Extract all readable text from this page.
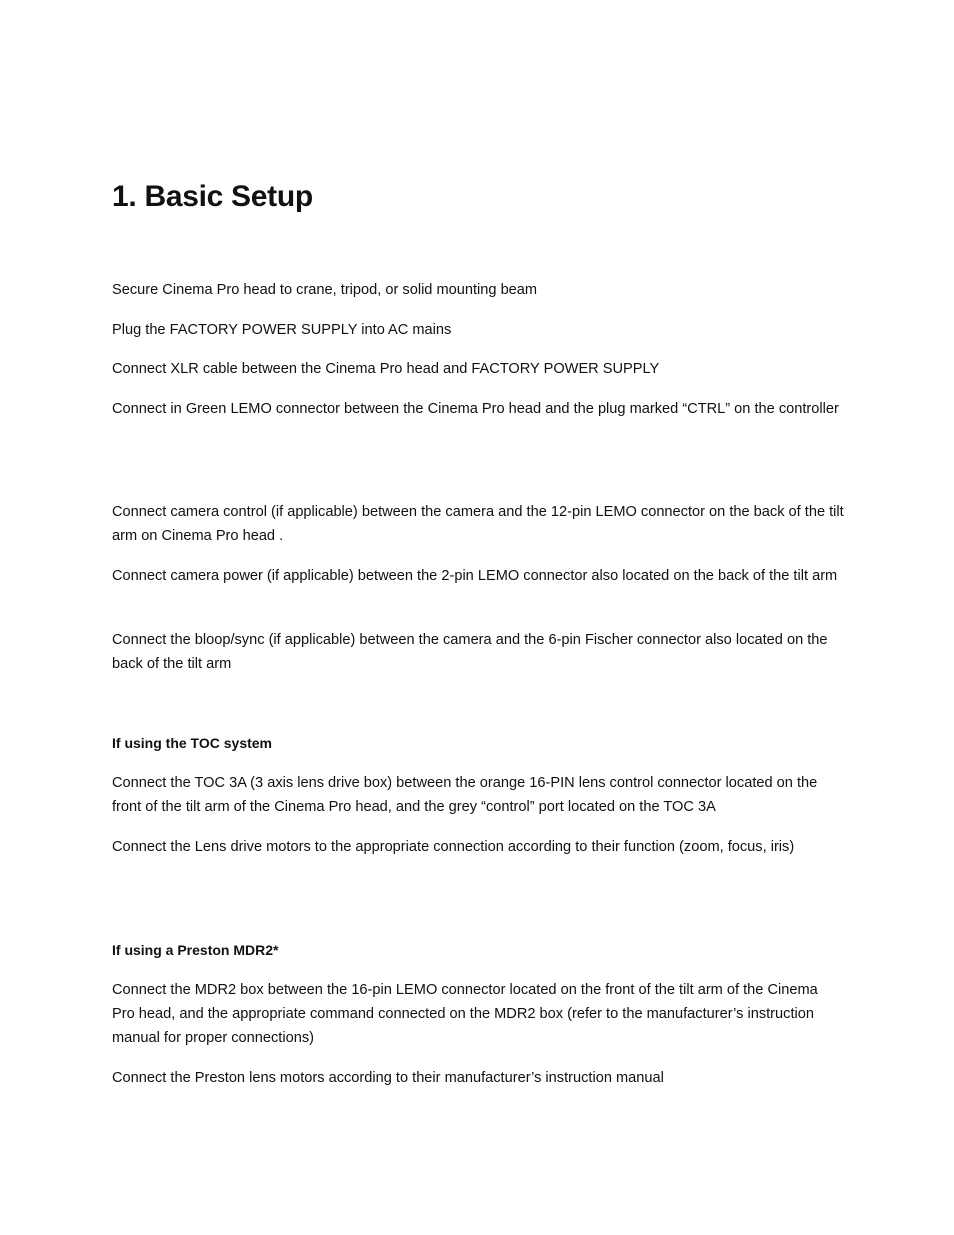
1. Basic Setup

Secure Cinema Pro head to crane, tripod, or solid mounting beam

Plug the FACTORY POWER SUPPLY into AC mains

Connect XLR cable between the Cinema Pro head and FACTORY POWER SUPPLY

Connect in Green LEMO connector between the Cinema Pro head and the plug marked “CTRL” on the controller

Connect camera control (if applicable) between the camera and the 12-pin LEMO connector on the back of the tilt arm on Cinema Pro head .

Connect camera power (if applicable) between the 2-pin LEMO connector also located on the back of the tilt arm

Connect the bloop/sync (if applicable) between the camera and the 6-pin Fischer connector also located on the back of the tilt arm

If using the TOC system

Connect the TOC 3A (3 axis lens drive box) between the orange 16-PIN lens control connector located on the front of the tilt arm of the Cinema Pro head, and the grey “control” port located on the TOC 3A

Connect the Lens drive motors to the appropriate connection according to their function (zoom, focus, iris)

If using a Preston MDR2*

Connect the MDR2 box between the 16-pin LEMO connector located on the front of the tilt arm of the Cinema Pro head, and the appropriate command connected on the MDR2 box (refer to the manufacturer’s instruction manual for proper connections)

Connect the Preston lens motors according to their manufacturer’s instruction manual
